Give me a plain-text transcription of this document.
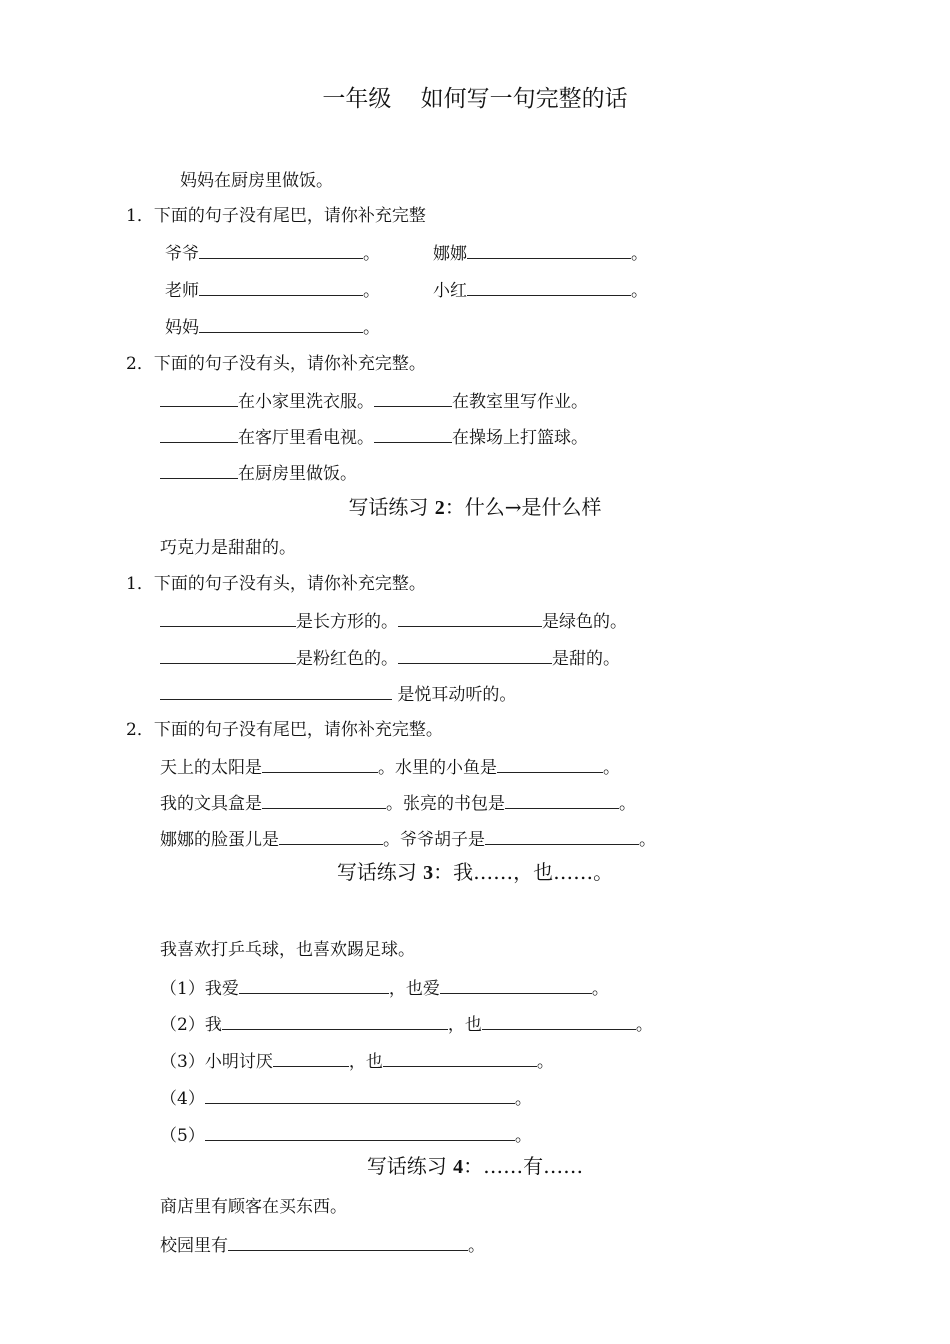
一年级    如何写一句完整的话
妈妈在厨房里做饭。
1．下面的句子没有尾巴，请你补充完整
爷爷	。	娜娜	。
老师	。	小红	。
妈妈	。
2．下面的句子没有头，请你补充完整。
在小家里洗衣服。	在教室里写作业。
在客厅里看电视。	在操场上打篮球。
在厨房里做饭。
写话练习 2：什么→是什么样
巧克力是甜甜的。
1．下面的句子没有头，请你补充完整。
是长方形的。	是绿色的。
是粉红色的。	是甜的。
是悦耳动听的。
2．下面的句子没有尾巴，请你补充完整。
天上的太阳是	。水里的小鱼是	。
我的文具盒是	。张亮的书包是	。
娜娜的脸蛋儿是	。爷爷胡子是	。
写话练习 3：我……，也……。
我喜欢打乒乓球，也喜欢踢足球。
（1）我爱	，也爱	。
（2）我	，也	。
（3）小明讨厌	，也	。
（4）	。
（5）	。
写话练习 4：……有……
商店里有顾客在买东西。
校园里有	。
